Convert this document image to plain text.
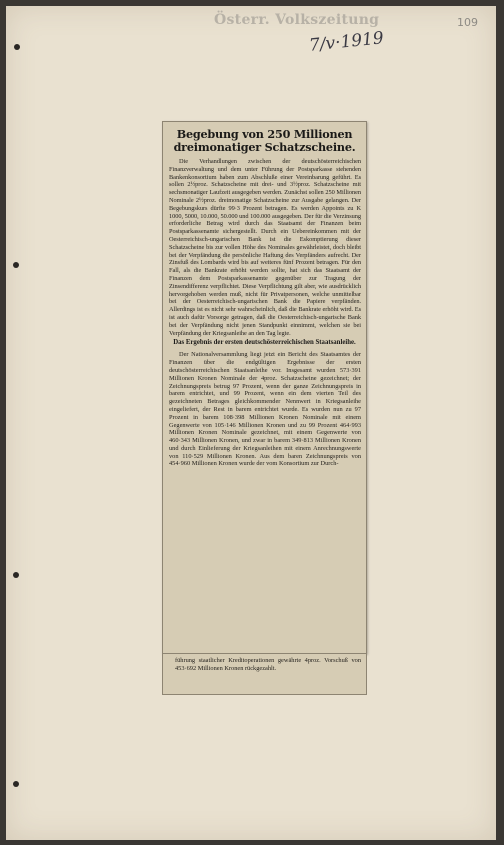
Österr. Volkszeitung	109
7/v·1919
Begebung von 250 Millionen dreimonatiger Schatzscheine.

Die Verhandlungen zwischen der deutschösterreichischen Finanzverwaltung und dem unter Führung der Postsparkasse stehenden Bankenkonsortium haben zum Abschluße einer Vereinbarung geführt. Es sollen 2½proz. Schatzscheine mit drei- und 3½proz. Schatzscheine mit sechsmonatiger Laufzeit ausgegeben werden. Zunächst sollen 250 Millionen Nominale 2½proz. dreimonatige Schatzscheine zur Ausgabe gelangen. Der Begebungskurs dürfte 99·3 Prozent betragen. Es werden Appoints zu K 1000, 5000, 10.000, 50.000 und 100.000 ausgegeben. Der für die Verzinsung erforderliche Betrag wird durch das Staatsamt der Finanzen beim Postsparkassenamte sichergestellt. Durch ein Uebereinkommen mit der Oesterreichisch-ungarischen Bank ist die Eskomptierung dieser Schatzscheine bis zur vollen Höhe des Nominales gewährleistet, doch bleibt bei der Verpfändung die persönliche Haftung des Verpfänders aufrecht. Der Zinsfuß des Lombards wird bis auf weiteres fünf Prozent betragen. Für den Fall, als die Bankrate erhöht werden sollte, hat sich das Staatsamt der Finanzen dem Postsparkassenamte gegenüber zur Tragung der Zinsendifferenz verpflichtet. Diese Verpflichtung gilt aber, wie ausdrücklich hervorgehoben werden muß, nicht für Privatpersonen, welche unmittelbar bei der Oesterreichisch-ungarischen Bank die Papiere verpfänden. Allerdings ist es nicht sehr wahrscheinlich, daß die Bankrate erhöht wird. Es ist auch dafür Vorsorge getragen, daß die Oesterreichisch-ungarische Bank bei der Verpfändung nicht jenen Standpunkt einnimmt, welchen sie bei Verpfändung der Kriegsanleihe an den Tag legte.

Das Ergebnis der ersten deutschösterreichischen Staatsanleihe.

Der Nationalversammlung liegt jetzt ein Bericht des Staatsamtes der Finanzen über die endgültigen Ergebnisse der ersten deutschösterreichischen Staatsanleihe vor. Insgesamt wurden 573·391 Millionen Kronen Nominale der 4proz. Schatzscheine gezeichnet; der Zeichnungspreis betrug 97 Prozent, wenn der ganze Zeichnungspreis in barem entrichtet, und 99 Prozent, wenn ein dem vierten Teil des gezeichneten Betrages gleichkommender Nennwert in Kriegsanleihe eingeliefert, der Rest in barem entrichtet wurde. Es wurden nun zu 97 Prozent in barem 108·398 Millionen Kronen Nominale mit einem Gegenwerte von 105·146 Millionen Kronen und zu 99 Prozent 464·993 Millionen Kronen Nominale gezeichnet, mit einem Gegenwerte von 460·343 Millionen Kronen, und zwar in barem 349·813 Millionen Kronen und durch Einlieferung der Kriegsanleihen mit einem Anrechnungswerte von 110·529 Millionen Kronen. Aus dem baren Zeichnungspreis von 454·960 Millionen Kronen wurde der vom Konsortium zur Durch-

führung staatlicher Kreditoperationen gewährte 4proz. Vorschuß von 453·692 Millionen Kronen rückgezahlt.
